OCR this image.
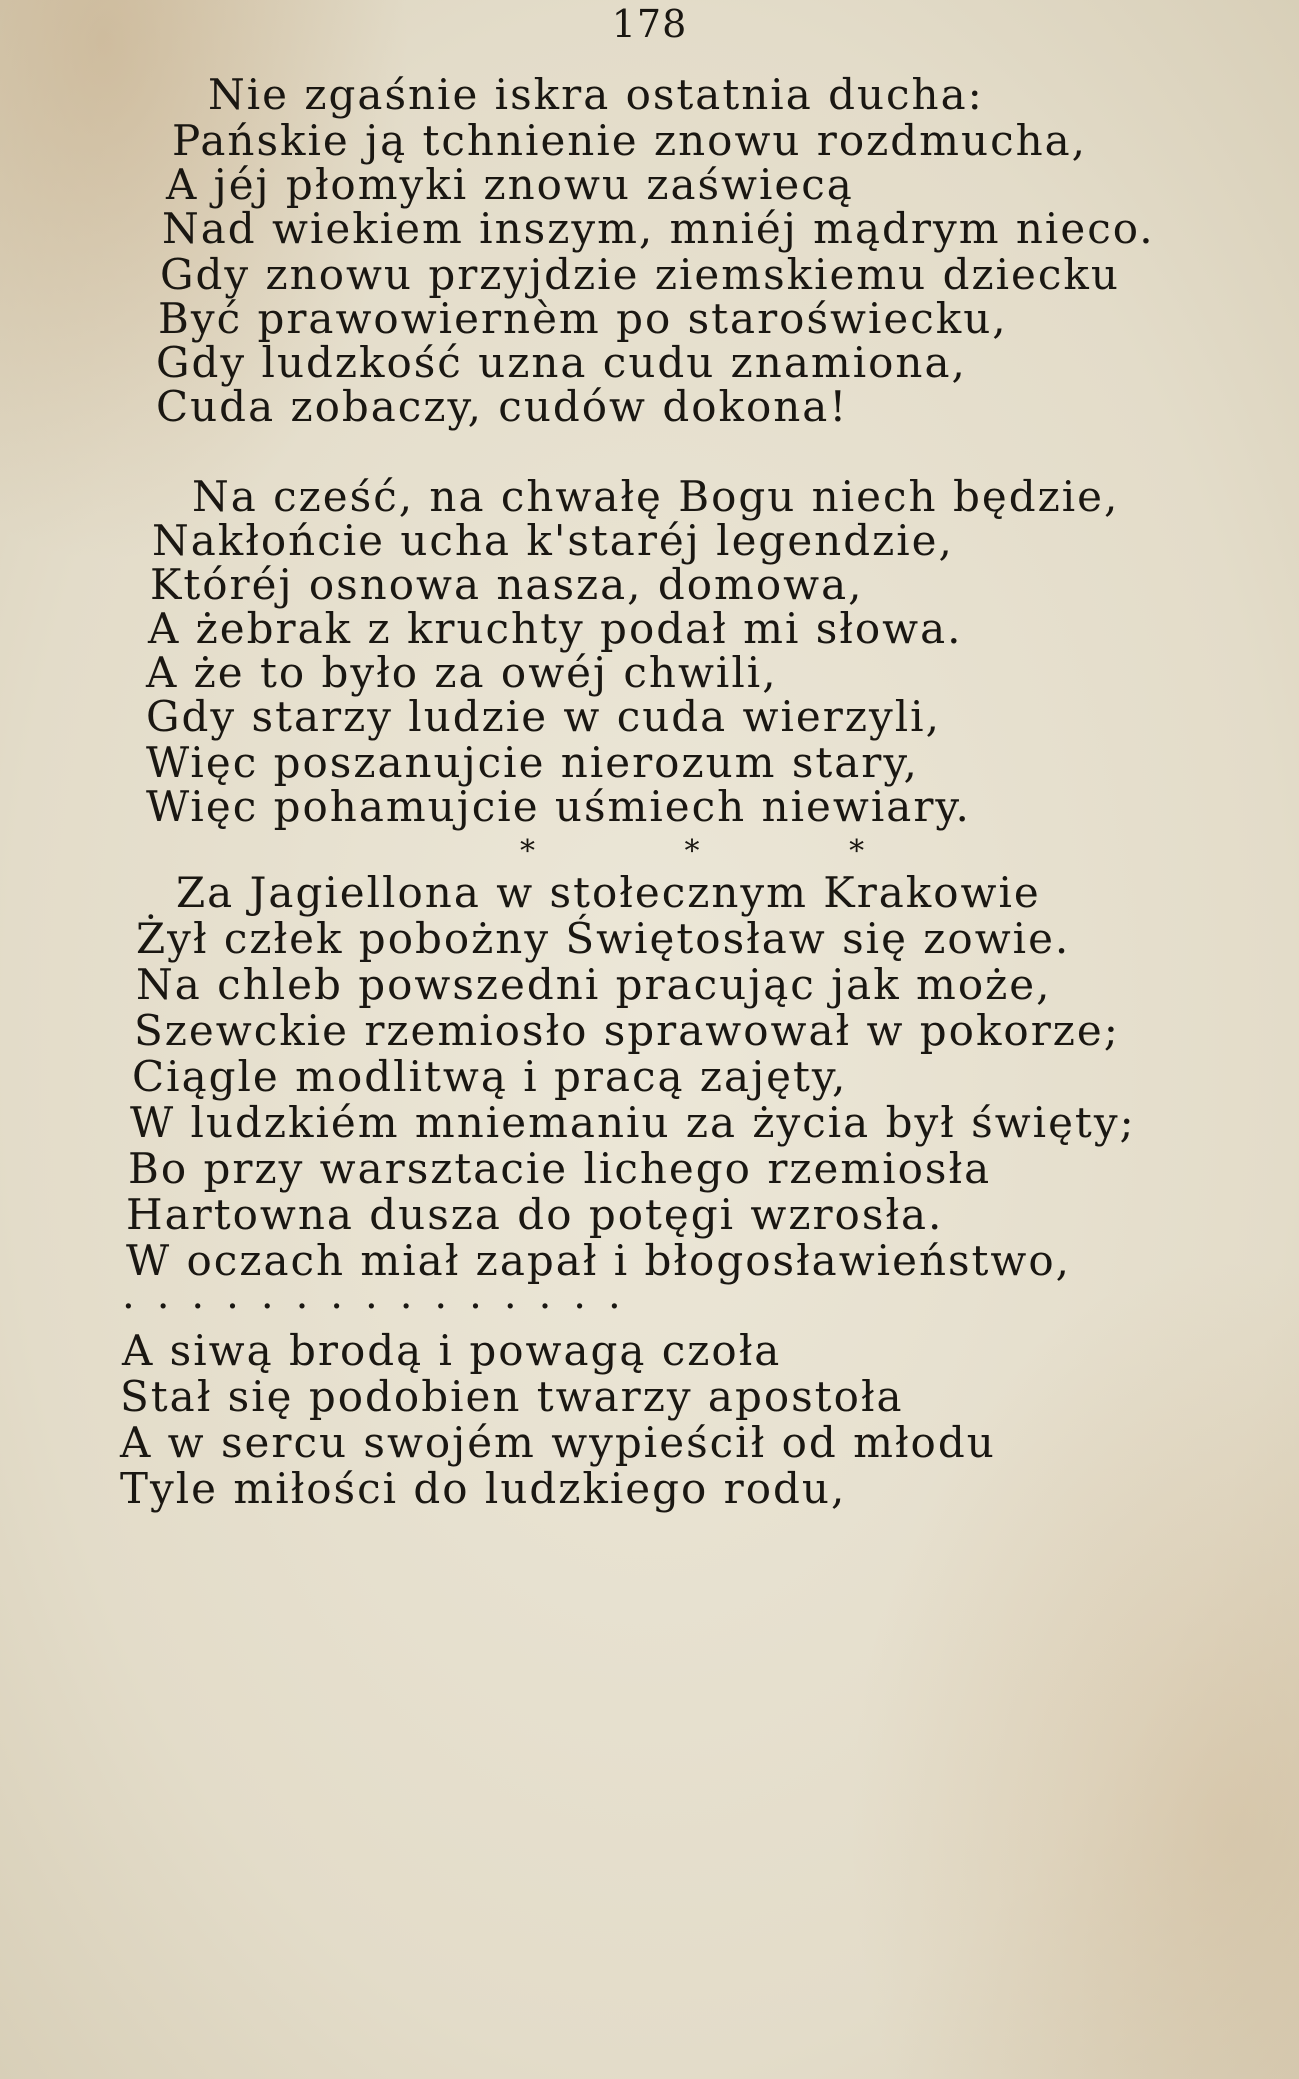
178
Nie zgaśnie iskra ostatnia ducha:
Pańskie ją tchnienie znowu rozdmucha,
A jéj płomyki znowu zaświecą
Nad wiekiem inszym, mniéj mądrym nieco.
Gdy znowu przyjdzie ziemskiemu dziecku
Być prawowiernèm po staroświecku,
Gdy ludzkość uzna cudu znamiona,
Cuda zobaczy, cudów dokona!
Na cześć, na chwałę Bogu niech będzie,
Nakłońcie ucha k'staréj legendzie,
Któréj osnowa nasza, domowa,
A żebrak z kruchty podał mi słowa.
A że to było za owéj chwili,
Gdy starzy ludzie w cuda wierzyli,
Więc poszanujcie nierozum stary,
Więc pohamujcie uśmiech niewiary.
* * *
Za Jagiellona w stołecznym Krakowie
Żył człek pobożny Świętosław się zowie.
Na chleb powszedni pracując jak może,
Szewckie rzemiosło sprawował w pokorze;
Ciągle modlitwą i pracą zajęty,
W ludzkiém mniemaniu za życia był święty;
Bo przy warsztacie lichego rzemiosła
Hartowna dusza do potęgi wzrosła.
W oczach miał zapał i błogosławieństwo,
...............
A siwą brodą i powagą czoła
Stał się podobien twarzy apostoła
A w sercu swojém wypieścił od młodu
Tyle miłości do ludzkiego rodu,
